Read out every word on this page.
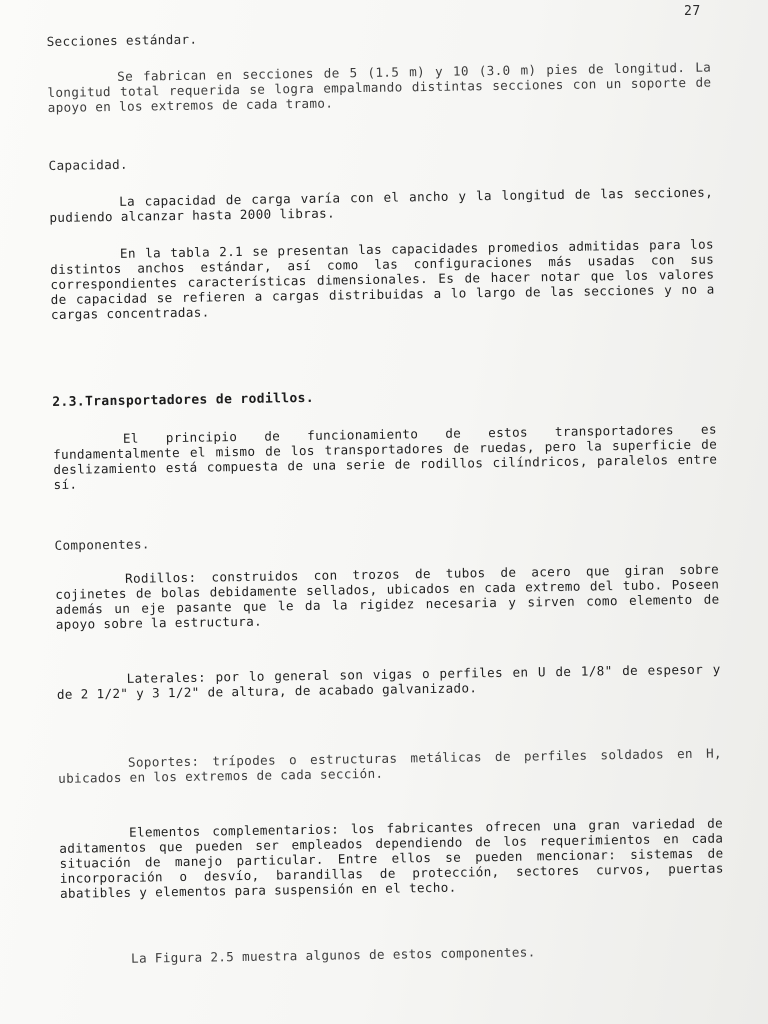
27
Secciones estándar.

Se fabrican en secciones de 5 (1.5 m) y 10 (3.0 m) pies de longitud. La longitud total requerida se logra empalmando distintas secciones con un soporte de apoyo en los extremos de cada tramo.

Capacidad.

La capacidad de carga varía con el ancho y la longitud de las secciones, pudiendo alcanzar hasta 2000 libras.

En la tabla 2.1 se presentan las capacidades promedios admitidas para los distintos anchos estándar, así como las configuraciones más usadas con sus correspondientes características dimensionales. Es de hacer notar que los valores de capacidad se refieren a cargas distribuidas a lo largo de las secciones y no a cargas concentradas.

2.3.Transportadores de rodillos.

El principio de funcionamiento de estos transportadores es fundamentalmente el mismo de los transportadores de ruedas, pero la superficie de deslizamiento está compuesta de una serie de rodillos cilíndricos, paralelos entre sí.

Componentes.

Rodillos: construidos con trozos de tubos de acero que giran sobre cojinetes de bolas debidamente sellados, ubicados en cada extremo del tubo. Poseen además un eje pasante que le da la rigidez necesaria y sirven como elemento de apoyo sobre la estructura.

Laterales: por lo general son vigas o perfiles en U de 1/8" de espesor y de 2 1/2" y 3 1/2" de altura, de acabado galvanizado.

Soportes: trípodes o estructuras metálicas de perfiles soldados en H, ubicados en los extremos de cada sección.

Elementos complementarios: los fabricantes ofrecen una gran variedad de aditamentos que pueden ser empleados dependiendo de los requerimientos en cada situación de manejo particular. Entre ellos se pueden mencionar: sistemas de incorporación o desvío, barandillas de protección, sectores curvos, puertas abatibles y elementos para suspensión en el techo.

La Figura 2.5 muestra algunos de estos componentes.
